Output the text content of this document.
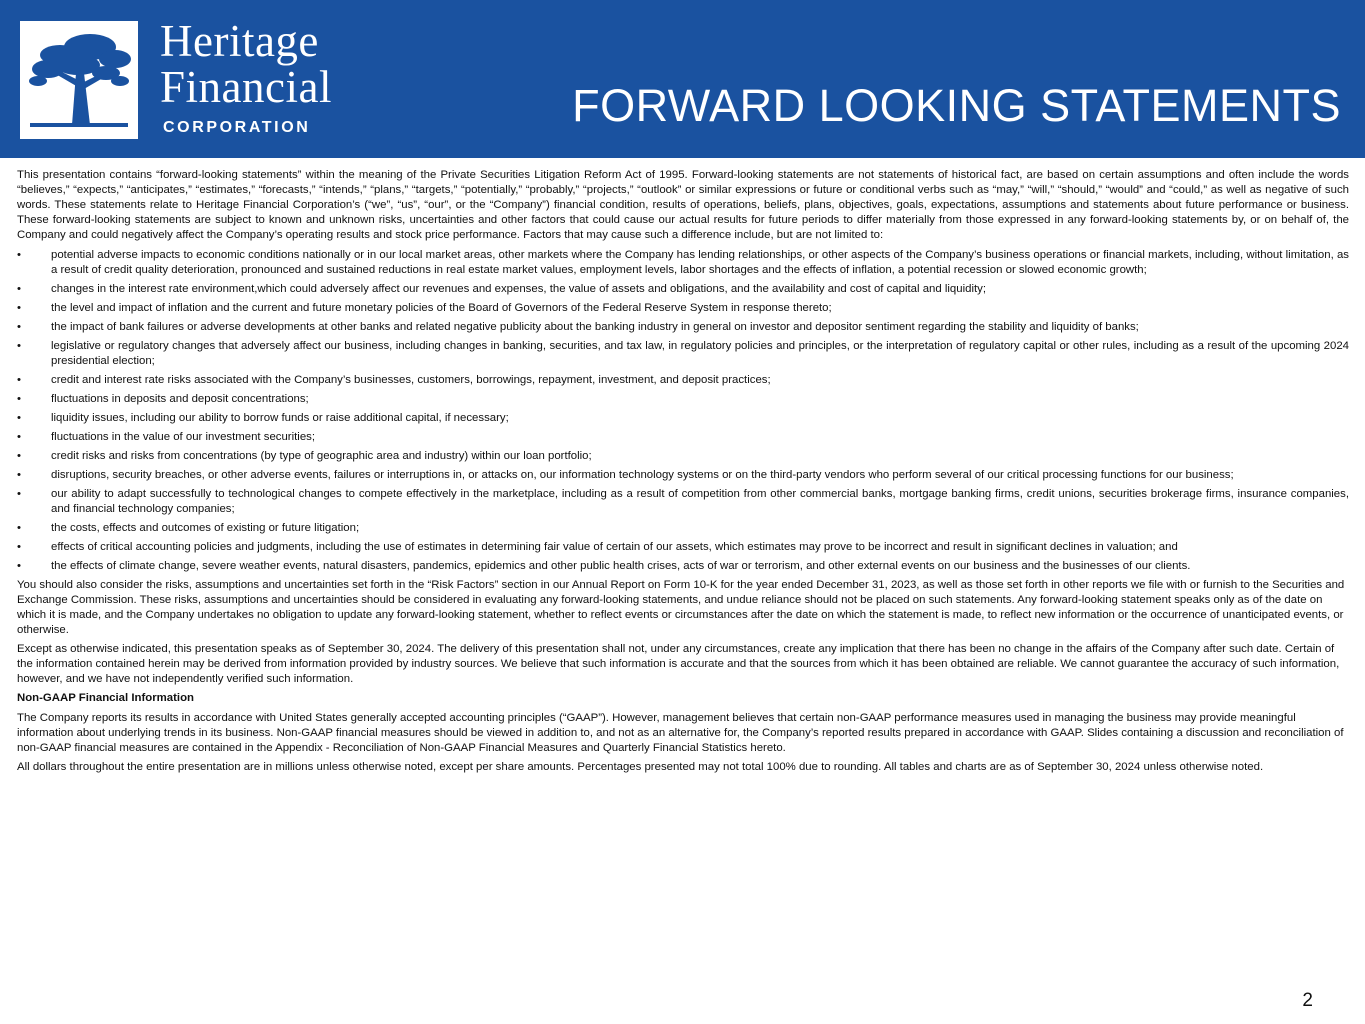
Heritage
Financial
CORPORATION	FORWARD LOOKING STATEMENTS

This presentation contains “forward-looking statements” within the meaning of the Private Securities Litigation Reform Act of 1995. Forward-looking statements are not statements of historical fact, are based on certain assumptions and often include the words “believes,” “expects,” “anticipates,” “estimates,” “forecasts,” “intends,” “plans,” “targets,” “potentially,” “probably,” “projects,” “outlook” or similar expressions or future or conditional verbs such as “may,” “will,” “should,” “would” and “could,” as well as negative of such words. These statements relate to Heritage Financial Corporation’s (“we”, “us”, “our”, or the “Company”) financial condition, results of operations, beliefs, plans, objectives, goals, expectations, assumptions and statements about future performance or business. These forward-looking statements are subject to known and unknown risks, uncertainties and other factors that could cause our actual results for future periods to differ materially from those expressed in any forward-looking statements by, or on behalf of, the Company and could negatively affect the Company’s operating results and stock price performance. Factors that may cause such a difference include, but are not limited to:

•	potential adverse impacts to economic conditions nationally or in our local market areas, other markets where the Company has lending relationships, or other aspects of the Company’s business operations or financial markets, including, without limitation, as a result of credit quality deterioration, pronounced and sustained reductions in real estate market values, employment levels, labor shortages and the effects of inflation, a potential recession or slowed economic growth;
•	changes in the interest rate environment,which could adversely affect our revenues and expenses, the value of assets and obligations, and the availability and cost of capital and liquidity;
•	the level and impact of inflation and the current and future monetary policies of the Board of Governors of the Federal Reserve System in response thereto;
•	the impact of bank failures or adverse developments at other banks and related negative publicity about the banking industry in general on investor and depositor sentiment regarding the stability and liquidity of banks;
•	legislative or regulatory changes that adversely affect our business, including changes in banking, securities, and tax law, in regulatory policies and principles, or the interpretation of regulatory capital or other rules, including as a result of the upcoming 2024 presidential election;
•	credit and interest rate risks associated with the Company’s businesses, customers, borrowings, repayment, investment, and deposit practices;
•	fluctuations in deposits and deposit concentrations;
•	liquidity issues, including our ability to borrow funds or raise additional capital, if necessary;
•	fluctuations in the value of our investment securities;
•	credit risks and risks from concentrations (by type of geographic area and industry) within our loan portfolio;
•	disruptions, security breaches, or other adverse events, failures or interruptions in, or attacks on, our information technology systems or on the third-party vendors who perform several of our critical processing functions for our business;
•	our ability to adapt successfully to technological changes to compete effectively in the marketplace, including as a result of competition from other commercial banks, mortgage banking firms, credit unions, securities brokerage firms, insurance companies, and financial technology companies;
•	the costs, effects and outcomes of existing or future litigation;
•	effects of critical accounting policies and judgments, including the use of estimates in determining fair value of certain of our assets, which estimates may prove to be incorrect and result in significant declines in valuation; and
•	the effects of climate change, severe weather events, natural disasters, pandemics, epidemics and other public health crises, acts of war or terrorism, and other external events on our business and the businesses of our clients.

You should also consider the risks, assumptions and uncertainties set forth in the “Risk Factors” section in our Annual Report on Form 10-K for the year ended December 31, 2023, as well as those set forth in other reports we file with or furnish to the Securities and Exchange Commission. These risks, assumptions and uncertainties should be considered in evaluating any forward-looking statements, and undue reliance should not be placed on such statements. Any forward-looking statement speaks only as of the date on which it is made, and the Company undertakes no obligation to update any forward-looking statement, whether to reflect events or circumstances after the date on which the statement is made, to reflect new information or the occurrence of unanticipated events, or otherwise.

Except as otherwise indicated, this presentation speaks as of September 30, 2024. The delivery of this presentation shall not, under any circumstances, create any implication that there has been no change in the affairs of the Company after such date. Certain of the information contained herein may be derived from information provided by industry sources. We believe that such information is accurate and that the sources from which it has been obtained are reliable. We cannot guarantee the accuracy of such information, however, and we have not independently verified such information.

Non-GAAP Financial Information

The Company reports its results in accordance with United States generally accepted accounting principles (“GAAP”). However, management believes that certain non-GAAP performance measures used in managing the business may provide meaningful information about underlying trends in its business. Non-GAAP financial measures should be viewed in addition to, and not as an alternative for, the Company’s reported results prepared in accordance with GAAP. Slides containing a discussion and reconciliation of non-GAAP financial measures are contained in the Appendix - Reconciliation of Non-GAAP Financial Measures and Quarterly Financial Statistics hereto.

All dollars throughout the entire presentation are in millions unless otherwise noted, except per share amounts. Percentages presented may not total 100% due to rounding. All tables and charts are as of September 30, 2024 unless otherwise noted.

2
